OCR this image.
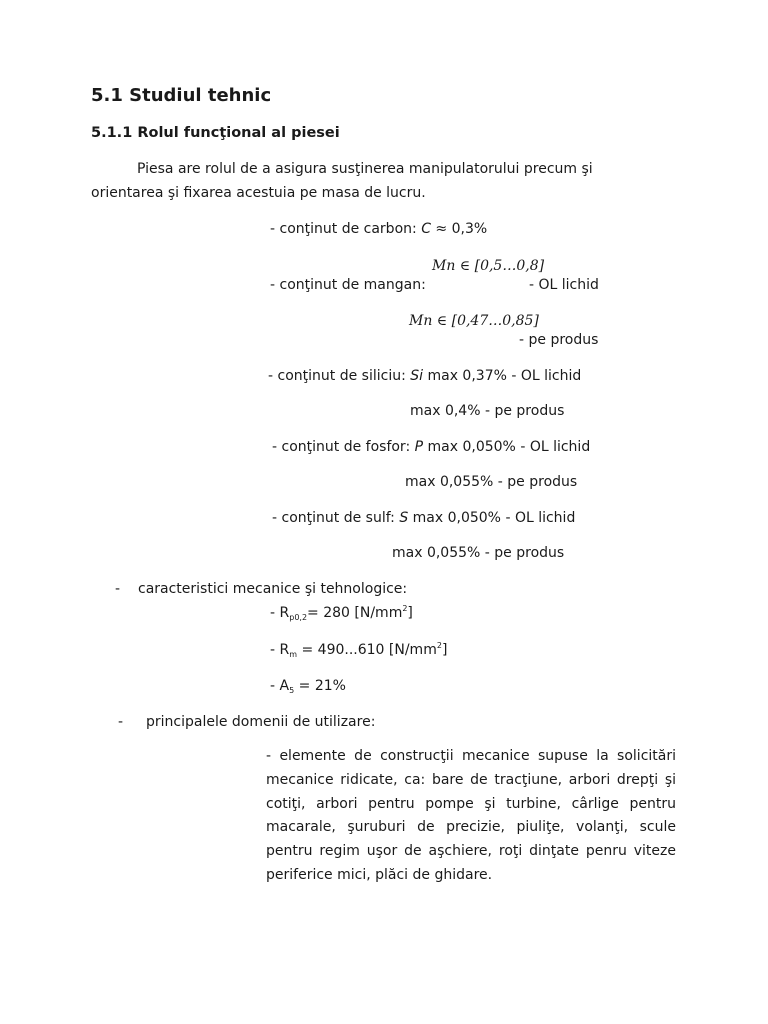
5.1 Studiul tehnic
5.1.1 Rolul funcţional al piesei
Piesa are rolul de a asigura susţinerea manipulatorului precum şi
orientarea şi fixarea acestuia pe masa de lucru.
- conţinut de carbon: C ≈ 0,3%
Mn ∈ [0,5…0,8]
- conţinut de mangan:	- OL lichid
Mn ∈ [0,47…0,85]
- pe produs
- conţinut de siliciu: Si max 0,37% - OL lichid
max 0,4% - pe produs
- conţinut de fosfor: P max 0,050% - OL lichid
max 0,055% - pe produs
- conţinut de sulf: S max 0,050% - OL lichid
max 0,055% - pe produs
- caracteristici mecanice şi tehnologice:
- $R_{p0,2}= 280$ $[N/mm^2]$
- $R_m = 490...610$ $[N/mm^2]$
- $A_5 = 21\%$
- principalele domenii de utilizare:
- elemente de construcţii mecanice supuse la solicitări mecanice ridicate, ca: bare de tracţiune, arbori drepţi şi cotiţi, arbori pentru pompe şi turbine, cârlige pentru macarale, şuruburi de precizie, piuliţe, volanţi, scule pentru regim uşor de aşchiere, roţi dinţate penru viteze periferice mici, plăci de ghidare.
